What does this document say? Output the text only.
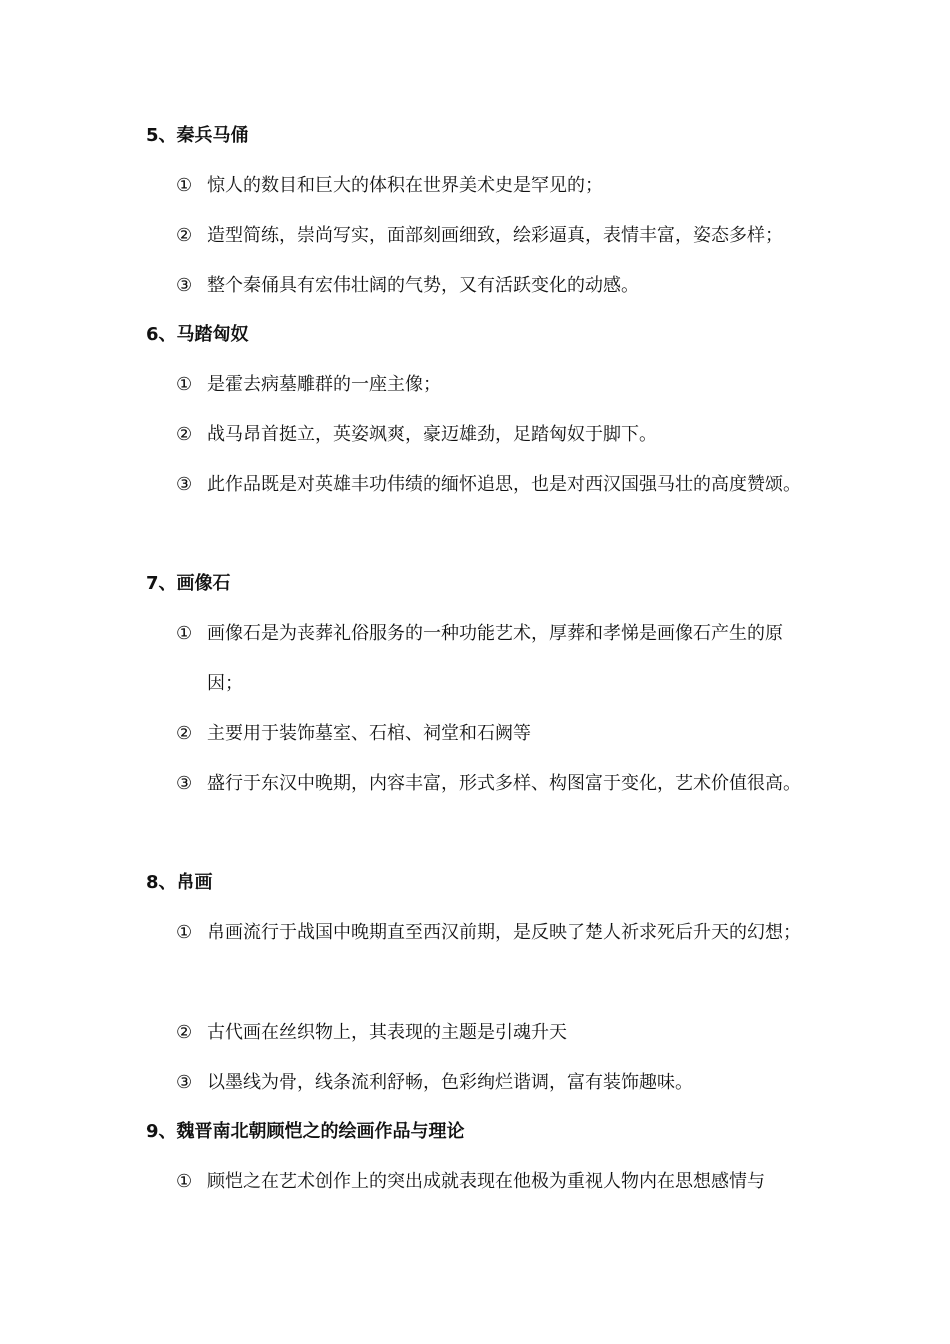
5、秦兵马俑
① 惊人的数目和巨大的体积在世界美术史是罕见的；
② 造型简练，崇尚写实，面部刻画细致，绘彩逼真，表情丰富，姿态多样；
③ 整个秦俑具有宏伟壮阔的气势，又有活跃变化的动感。
6、马踏匈奴
① 是霍去病墓雕群的一座主像；
② 战马昂首挺立，英姿飒爽，豪迈雄劲，足踏匈奴于脚下。
③ 此作品既是对英雄丰功伟绩的缅怀追思，也是对西汉国强马壮的高度赞颂。
7、画像石
① 画像石是为丧葬礼俗服务的一种功能艺术，厚葬和孝悌是画像石产生的原因；
② 主要用于装饰墓室、石棺、祠堂和石阙等
③ 盛行于东汉中晚期，内容丰富，形式多样、构图富于变化，艺术价值很高。
8、帛画
① 帛画流行于战国中晚期直至西汉前期，是反映了楚人祈求死后升天的幻想；
② 古代画在丝织物上，其表现的主题是引魂升天
③ 以墨线为骨，线条流利舒畅，色彩绚烂谐调，富有装饰趣味。
9、魏晋南北朝顾恺之的绘画作品与理论
① 顾恺之在艺术创作上的突出成就表现在他极为重视人物内在思想感情与
